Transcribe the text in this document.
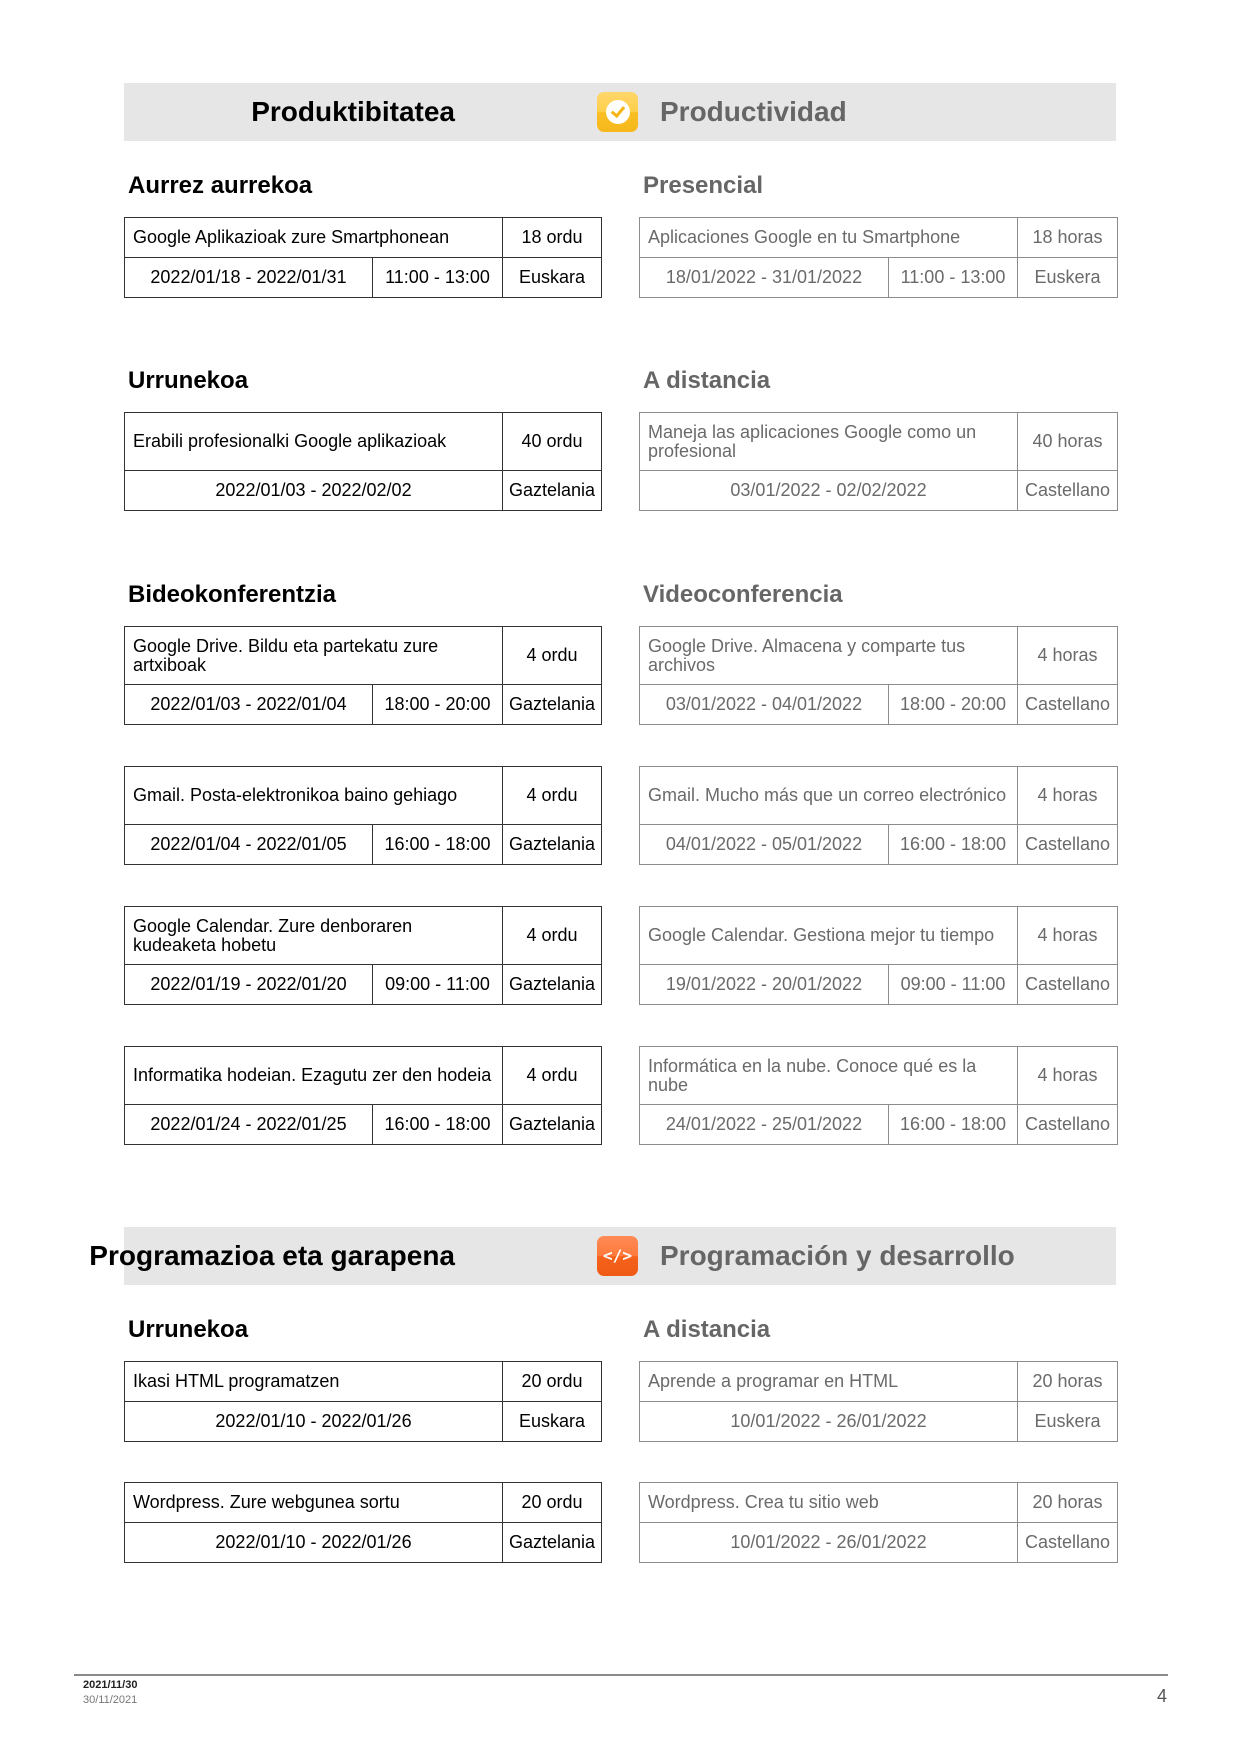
Produktibitatea	Productividad
Aurrez aurrekoa	Presencial
Google Aplikazioak zure Smartphonean		18 ordu
2022/01/18 - 2022/01/31	11:00 - 13:00	Euskara
Aplicaciones Google en tu Smartphone		18 horas
18/01/2022 - 31/01/2022	11:00 - 13:00	Euskera
Urrunekoa	A distancia
Erabili profesionalki Google aplikazioak	40 ordu
2022/01/03 - 2022/02/02	Gaztelania
Maneja las aplicaciones Google como un profesional	40 horas
03/01/2022 - 02/02/2022	Castellano
Bideokonferentzia	Videoconferencia
Google Drive. Bildu eta partekatu zure artxiboak		4 ordu
2022/01/03 - 2022/01/04	18:00 - 20:00	Gaztelania
Google Drive. Almacena y comparte tus archivos		4 horas
03/01/2022 - 04/01/2022	18:00 - 20:00	Castellano
Gmail. Posta-elektronikoa baino gehiago		4 ordu
2022/01/04 - 2022/01/05	16:00 - 18:00	Gaztelania
Gmail. Mucho más que un correo electrónico		4 horas
04/01/2022 - 05/01/2022	16:00 - 18:00	Castellano
Google Calendar. Zure denboraren kudeaketa hobetu		4 ordu
2022/01/19 - 2022/01/20	09:00 - 11:00	Gaztelania
Google Calendar. Gestiona mejor tu tiempo		4 horas
19/01/2022 - 20/01/2022	09:00 - 11:00	Castellano
Informatika hodeian. Ezagutu zer den hodeia		4 ordu
2022/01/24 - 2022/01/25	16:00 - 18:00	Gaztelania
Informática en la nube. Conoce qué es la nube		4 horas
24/01/2022 - 25/01/2022	16:00 - 18:00	Castellano
Programazioa eta garapena	</> Programación y desarrollo
Urrunekoa	A distancia
Ikasi HTML programatzen	20 ordu
2022/01/10 - 2022/01/26	Euskara
Aprende a programar en HTML	20 horas
10/01/2022 - 26/01/2022	Euskera
Wordpress. Zure webgunea sortu	20 ordu
2022/01/10 - 2022/01/26	Gaztelania
Wordpress. Crea tu sitio web	20 horas
10/01/2022 - 26/01/2022	Castellano
2021/11/30
30/11/2021	4
